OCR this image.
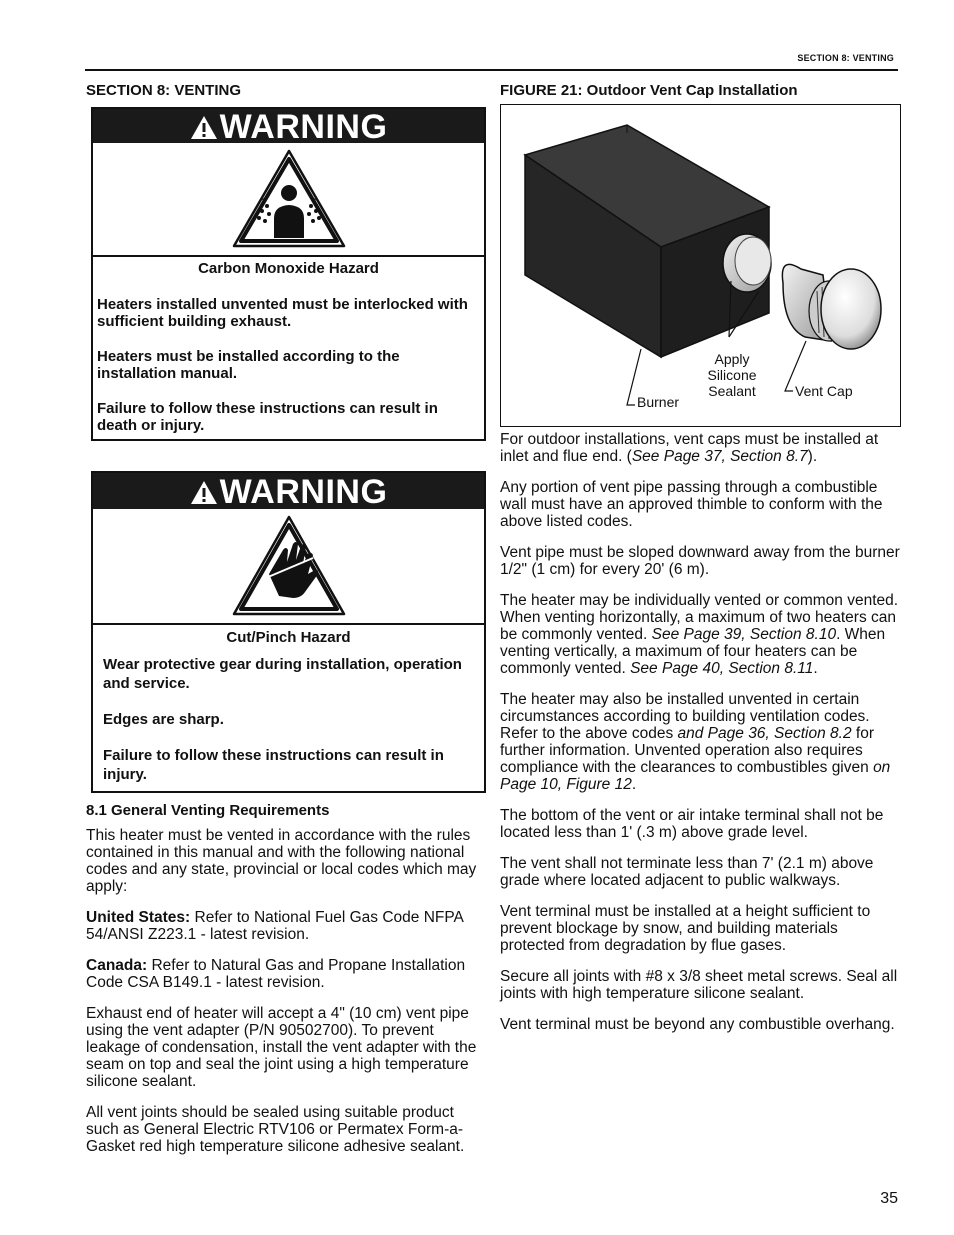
SECTION 8: VENTING
SECTION 8: VENTING	FIGURE 21: Outdoor Vent Cap Installation
WARNING

Carbon Monoxide Hazard

Heaters installed unvented must be interlocked with sufficient building exhaust.

Heaters must be installed according to the installation manual.

Failure to follow these instructions can result in death or injury.

WARNING

Cut/Pinch Hazard

Wear protective gear during installation, operation and service.

Edges are sharp.

Failure to follow these instructions can result in injury.

8.1 General Venting Requirements

This heater must be vented in accordance with the rules contained in this manual and with the following national codes and any state, provincial or local codes which may apply:

United States: Refer to National Fuel Gas Code NFPA 54/ANSI Z223.1 - latest revision.

Canada: Refer to Natural Gas and Propane Installation Code CSA B149.1 - latest revision.

Exhaust end of heater will accept a 4" (10 cm) vent pipe using the vent adapter (P/N 90502700). To prevent leakage of condensation, install the vent adapter with the seam on top and seal the joint using a high temperature silicone sealant.

All vent joints should be sealed using suitable product such as General Electric RTV106 or Permatex Form-a-Gasket red high temperature silicone adhesive sealant.

Apply Silicone Sealant
Burner
Vent Cap

For outdoor installations, vent caps must be installed at inlet and flue end. (See Page 37, Section 8.7).

Any portion of vent pipe passing through a combustible wall must have an approved thimble to conform with the above listed codes.

Vent pipe must be sloped downward away from the burner 1/2" (1 cm) for every 20' (6 m).

The heater may be individually vented or common vented. When venting horizontally, a maximum of two heaters can be commonly vented. See Page 39, Section 8.10. When venting vertically, a maximum of four heaters can be commonly vented. See Page 40, Section 8.11.

The heater may also be installed unvented in certain circumstances according to building ventilation codes. Refer to the above codes and Page 36, Section 8.2 for further information. Unvented operation also requires compliance with the clearances to combustibles given on Page 10, Figure 12.

The bottom of the vent or air intake terminal shall not be located less than 1' (.3 m) above grade level.

The vent shall not terminate less than 7' (2.1 m) above grade where located adjacent to public walkways.

Vent terminal must be installed at a height sufficient to prevent blockage by snow, and building materials protected from degradation by flue gases.

Secure all joints with #8 x 3/8 sheet metal screws. Seal all joints with high temperature silicone sealant.

Vent terminal must be beyond any combustible overhang.

35
